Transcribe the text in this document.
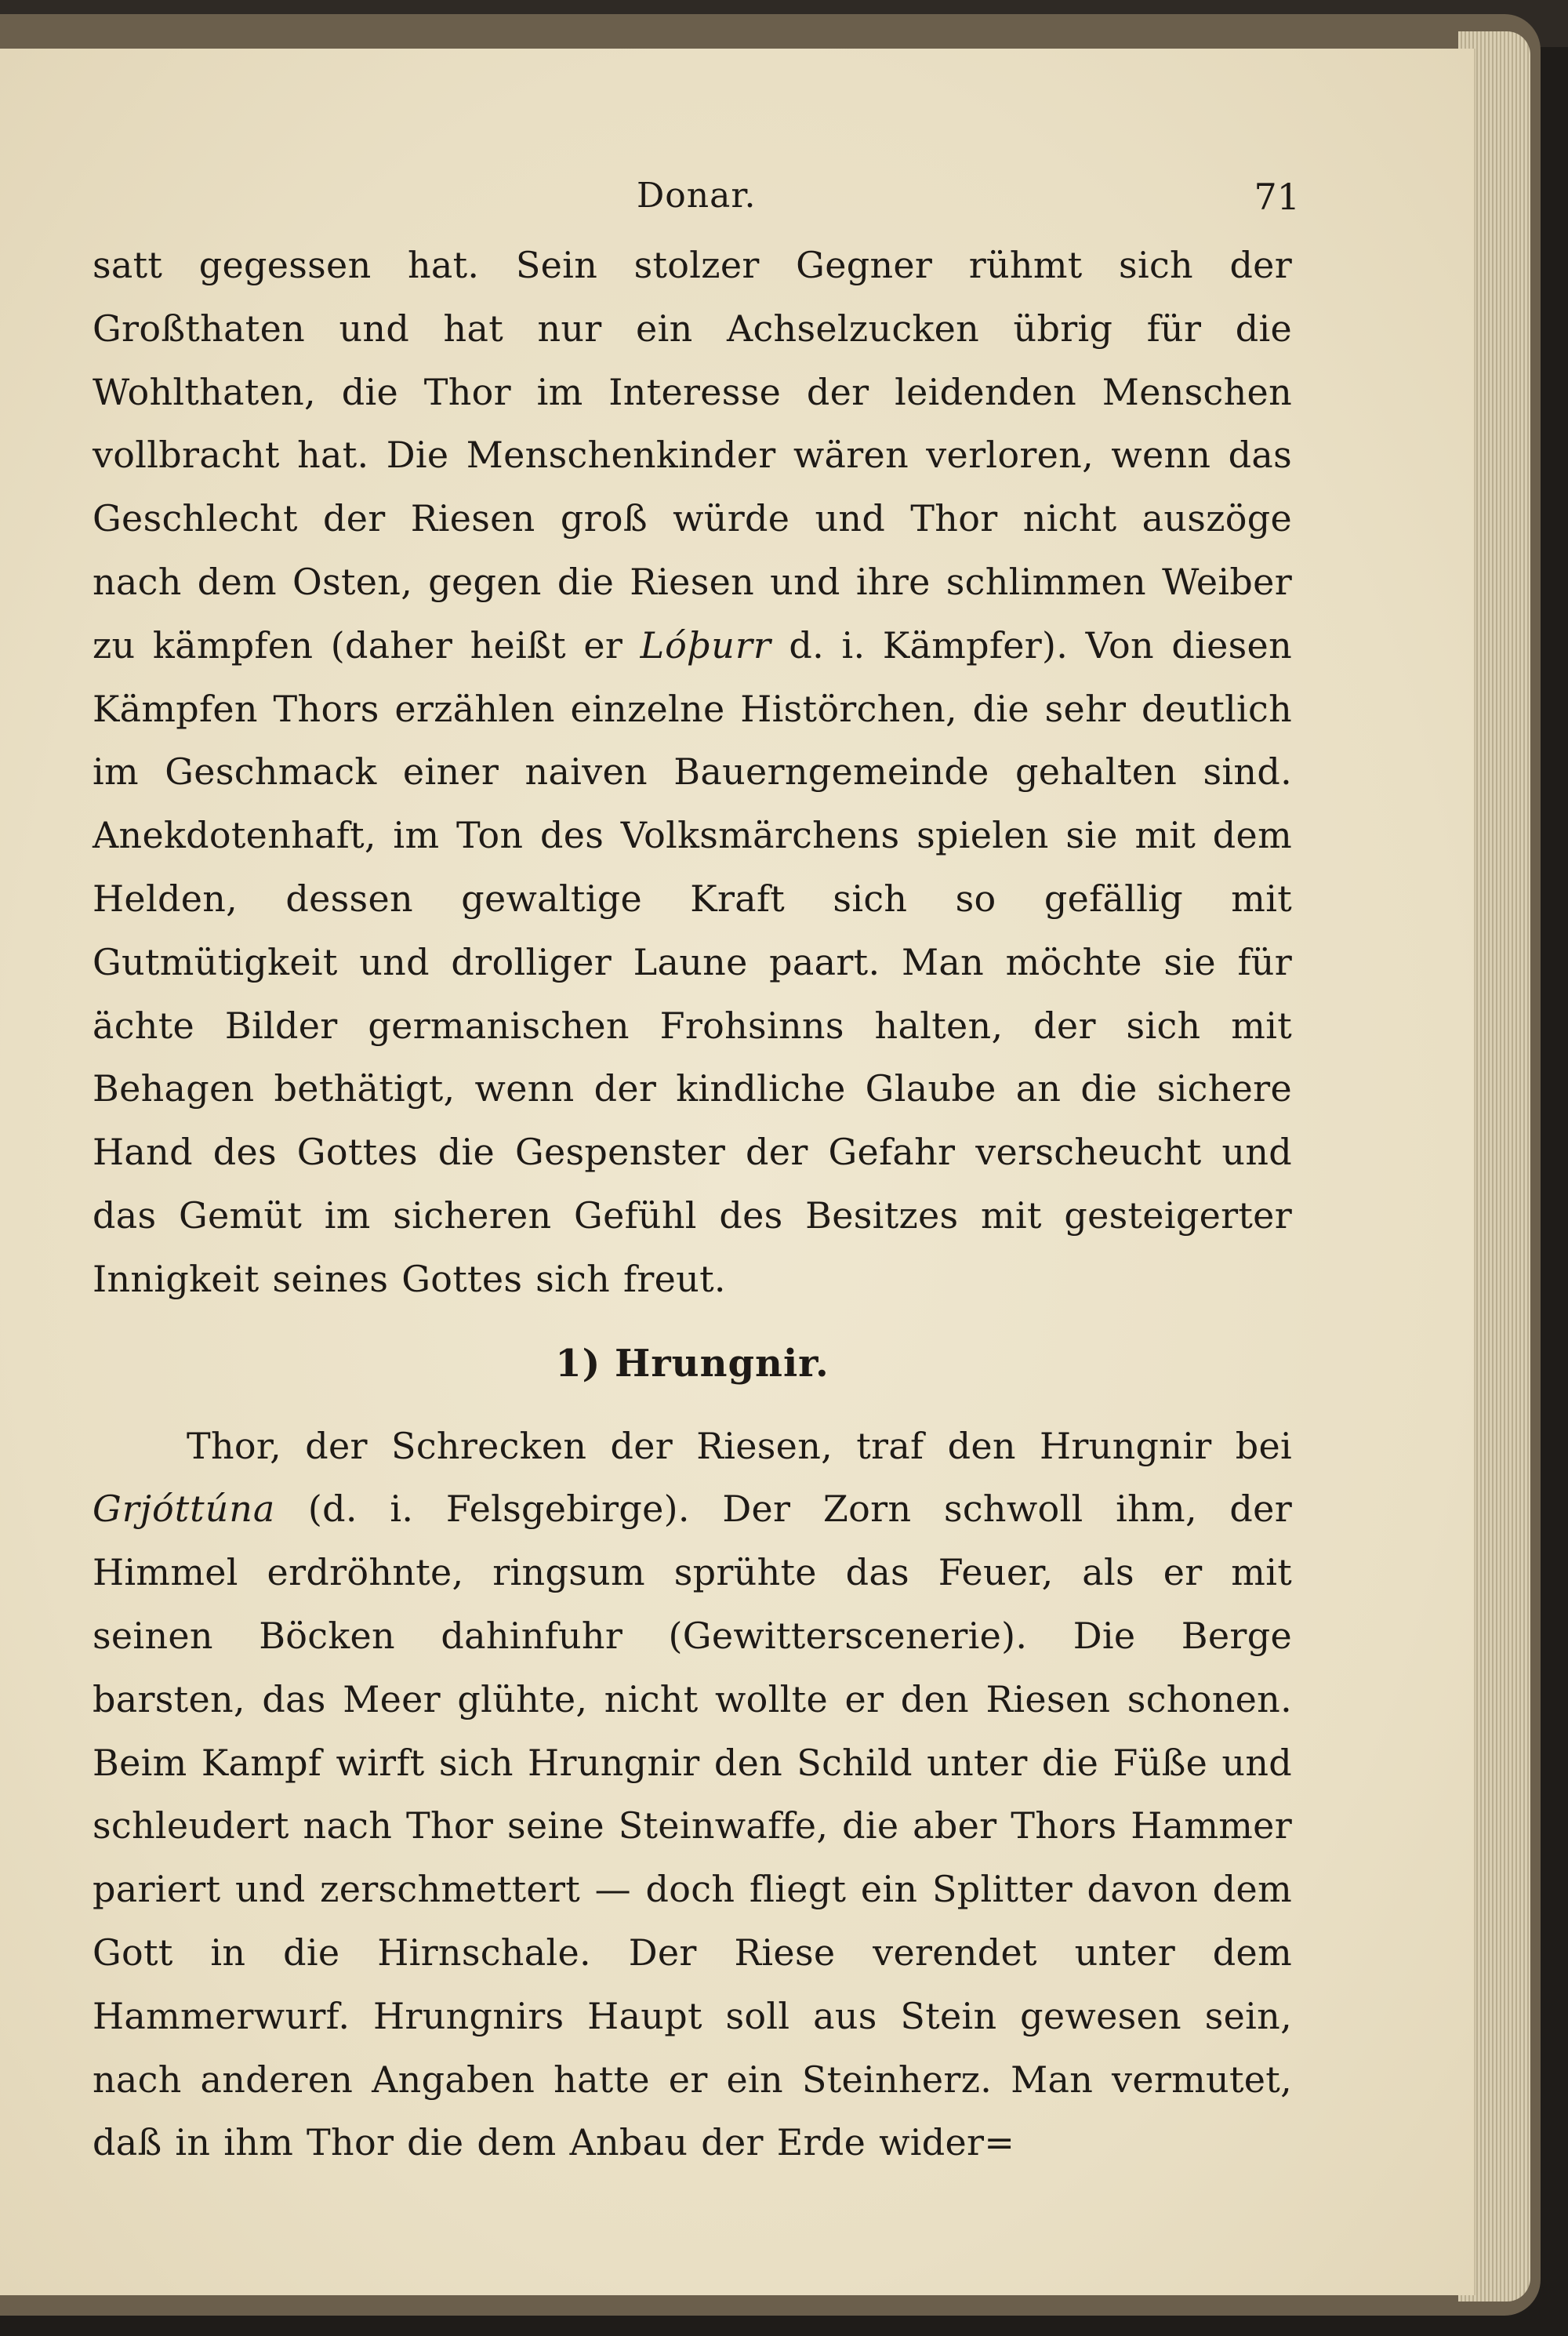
Donar.	71

satt gegessen hat. Sein stolzer Gegner rühmt sich der Großthaten und hat nur ein Achselzucken übrig für die Wohlthaten, die Thor im Interesse der leidenden Menschen vollbracht hat. Die Menschenkinder wären verloren, wenn das Geschlecht der Riesen groß würde und Thor nicht auszöge nach dem Osten, gegen die Riesen und ihre schlimmen Weiber zu kämpfen (daher heißt er Lóþurr d. i. Kämpfer). Von diesen Kämpfen Thors erzählen einzelne Histörchen, die sehr deutlich im Geschmack einer naiven Bauerngemeinde gehalten sind. Anekdotenhaft, im Ton des Volksmärchens spielen sie mit dem Helden, dessen gewaltige Kraft sich so gefällig mit Gutmütigkeit und drolliger Laune paart. Man möchte sie für ächte Bilder germanischen Frohsinns halten, der sich mit Behagen bethätigt, wenn der kindliche Glaube an die sichere Hand des Gottes die Gespenster der Gefahr verscheucht und das Gemüt im sicheren Gefühl des Besitzes mit gesteigerter Innigkeit seines Gottes sich freut.

1) Hrungnir.

Thor, der Schrecken der Riesen, traf den Hrungnir bei Grjóttúna (d. i. Felsgebirge). Der Zorn schwoll ihm, der Himmel erdröhnte, ringsum sprühte das Feuer, als er mit seinen Böcken dahinfuhr (Gewitterscenerie). Die Berge barsten, das Meer glühte, nicht wollte er den Riesen schonen. Beim Kampf wirft sich Hrungnir den Schild unter die Füße und schleudert nach Thor seine Steinwaffe, die aber Thors Hammer pariert und zerschmettert — doch fliegt ein Splitter davon dem Gott in die Hirnschale. Der Riese verendet unter dem Hammerwurf. Hrungnirs Haupt soll aus Stein gewesen sein, nach anderen Angaben hatte er ein Steinherz. Man vermutet, daß in ihm Thor die dem Anbau der Erde wider=
